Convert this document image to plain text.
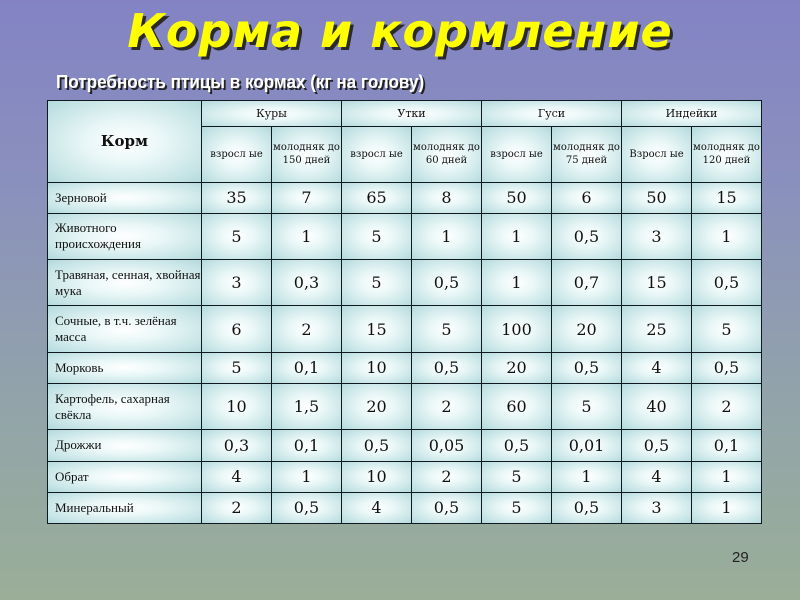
Корма и кормление
Потребность птицы в кормах (кг на голову)
Корм	Куры		Утки		Гуси		Индейки	
	взросл ые	молодняк до 150 дней	взросл ые	молодняк до 60 дней	взросл ые	молодняк до 75 дней	Взросл ые	молодняк до 120 дней
Зерновой	35	7	65	8	50	6	50	15
Животного происхождения	5	1	5	1	1	0,5	3	1
Травяная, сенная, хвойная мука	3	0,3	5	0,5	1	0,7	15	0,5
Сочные, в т.ч. зелёная масса	6	2	15	5	100	20	25	5
Морковь	5	0,1	10	0,5	20	0,5	4	0,5
Картофель, сахарная свёкла	10	1,5	20	2	60	5	40	2
Дрожжи	0,3	0,1	0,5	0,05	0,5	0,01	0,5	0,1
Обрат	4	1	10	2	5	1	4	1
Минеральный	2	0,5	4	0,5	5	0,5	3	1
29
